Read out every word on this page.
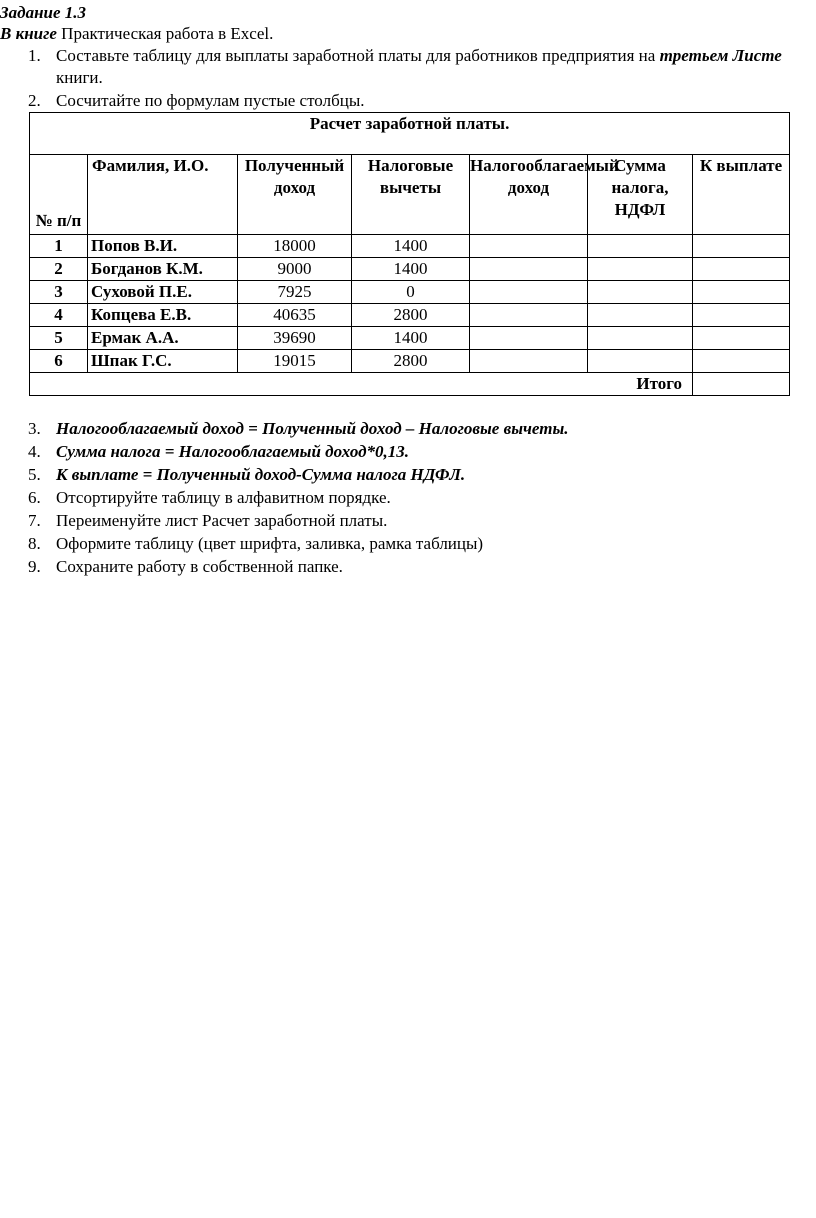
Задание 1.3
В книге Практическая работа в Excel.
1. Составьте таблицу для выплаты заработной платы для работников предприятия на третьем Листе книги.
2. Сосчитайте по формулам пустые столбцы.
Расчет заработной платы.						
№ п/п	Фамилия, И.О.	Полученный доход	Налоговые вычеты	Налогооблагаемый доход	Сумма налога, НДФЛ	К выплате
1	Попов В.И.	18000	1400			
2	Богданов К.М.	9000	1400			
3	Суховой П.Е.	7925	0			
4	Копцева Е.В.	40635	2800			
5	Ермак А.А.	39690	1400			
6	Шпак Г.С.	19015	2800			
Итого						
3. Налогооблагаемый доход = Полученный доход – Налоговые вычеты.
4. Сумма налога = Налогооблагаемый доход*0,13.
5. К выплате = Полученный доход-Сумма налога НДФЛ.
6. Отсортируйте таблицу в алфавитном порядке.
7. Переименуйте лист Расчет заработной платы.
8. Оформите таблицу (цвет шрифта, заливка, рамка таблицы)
9. Сохраните работу в собственной папке.
